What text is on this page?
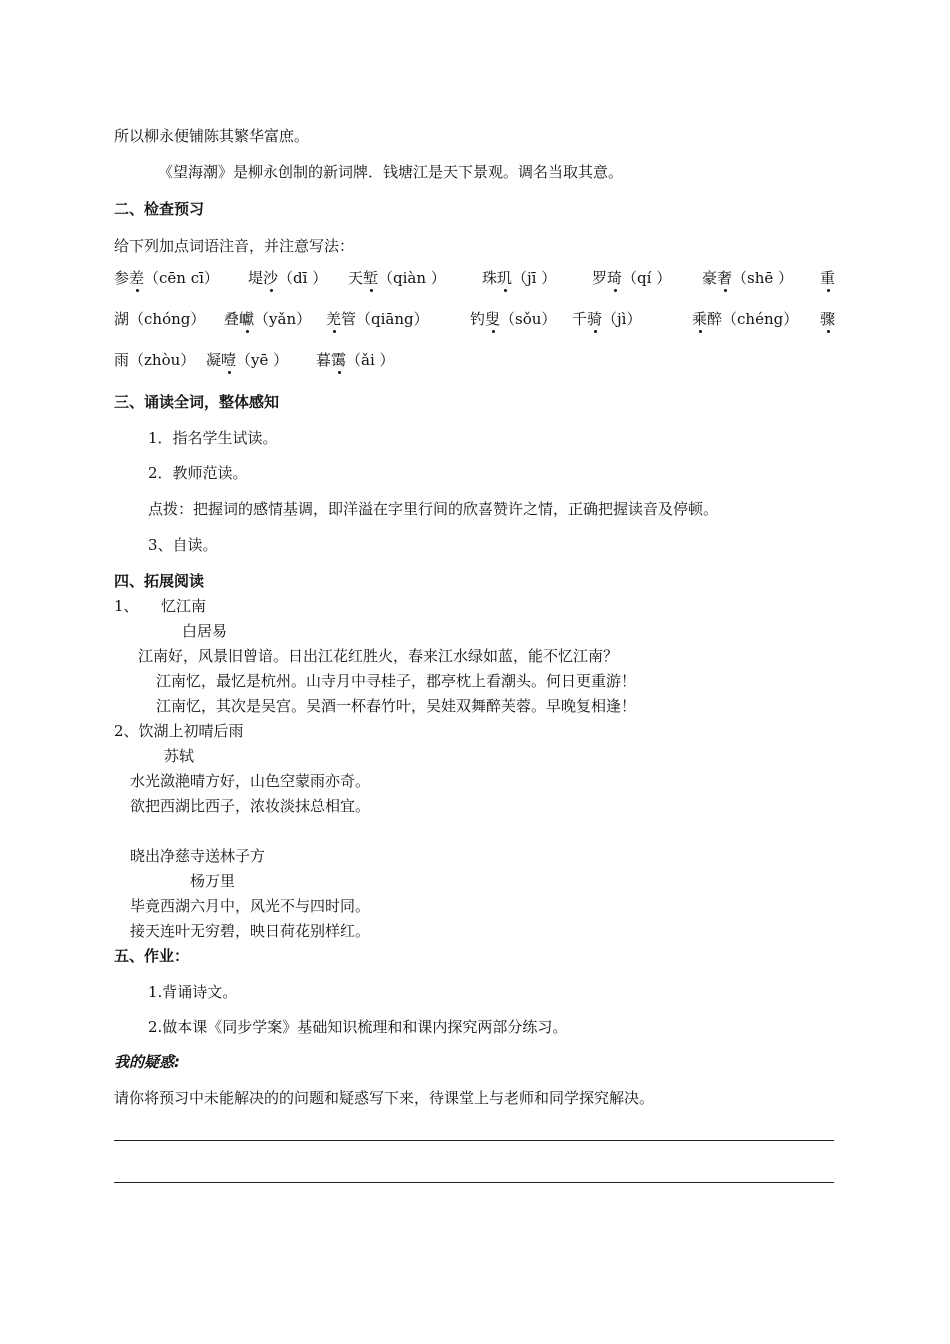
所以柳永便铺陈其繁华富庶。
《望海潮》是柳永创制的新词牌．钱塘江是天下景观。调名当取其意。
二、检查预习
给下列加点词语注音，并注意写法：
参差（cēn cī） 堤沙（dī ） 天堑（qiàn ） 珠玑（jī ） 罗琦（qí ） 豪奢（shē ） 重
湖（chóng） 叠巘（yǎn） 羌管（qiāng）	钓叟（sǒu） 千骑（jì）	乘醉（chéng） 骤
雨（zhòu） 凝噎（yē ） 暮霭（ǎi ）
三、诵读全词，整体感知
1．指名学生试读。
2．教师范读。
点拨：把握词的感情基调，即洋溢在字里行间的欣喜赞许之情，正确把握读音及停顿。
3、自读。
四、拓展阅读
1、　　忆江南
白居易
江南好，风景旧曾谙。日出江花红胜火，春来江水绿如蓝，能不忆江南？
江南忆，最忆是杭州。山寺月中寻桂子，郡亭枕上看潮头。何日更重游！
江南忆，其次是吴宫。吴酒一杯春竹叶，吴娃双舞醉芙蓉。早晚复相逢！
2、饮湖上初晴后雨
苏轼
水光潋滟晴方好，山色空蒙雨亦奇。
欲把西湖比西子，浓妆淡抹总相宜。
晓出净慈寺送林子方
杨万里
毕竟西湖六月中，风光不与四时同。
接天连叶无穷碧，映日荷花别样红。
五、作业：
1.背诵诗文。
2.做本课《同步学案》基础知识梳理和和课内探究两部分练习。
我的疑惑:
请你将预习中未能解决的的问题和疑惑写下来，待课堂上与老师和同学探究解决。
